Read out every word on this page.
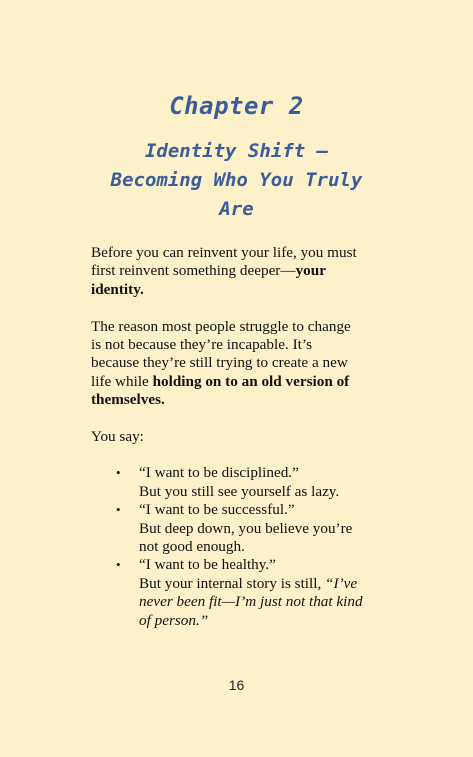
Chapter 2
Identity Shift –
Becoming Who You Truly
Are

Before you can reinvent your life, you must
first reinvent something deeper—your
identity.

The reason most people struggle to change
is not because they’re incapable. It’s
because they’re still trying to create a new
life while holding on to an old version of
themselves.

You say:

• “I want to be disciplined.”
But you still see yourself as lazy.
• “I want to be successful.”
But deep down, you believe you’re
not good enough.
• “I want to be healthy.”
But your internal story is still, “I’ve
never been fit—I’m just not that kind
of person.”
16
